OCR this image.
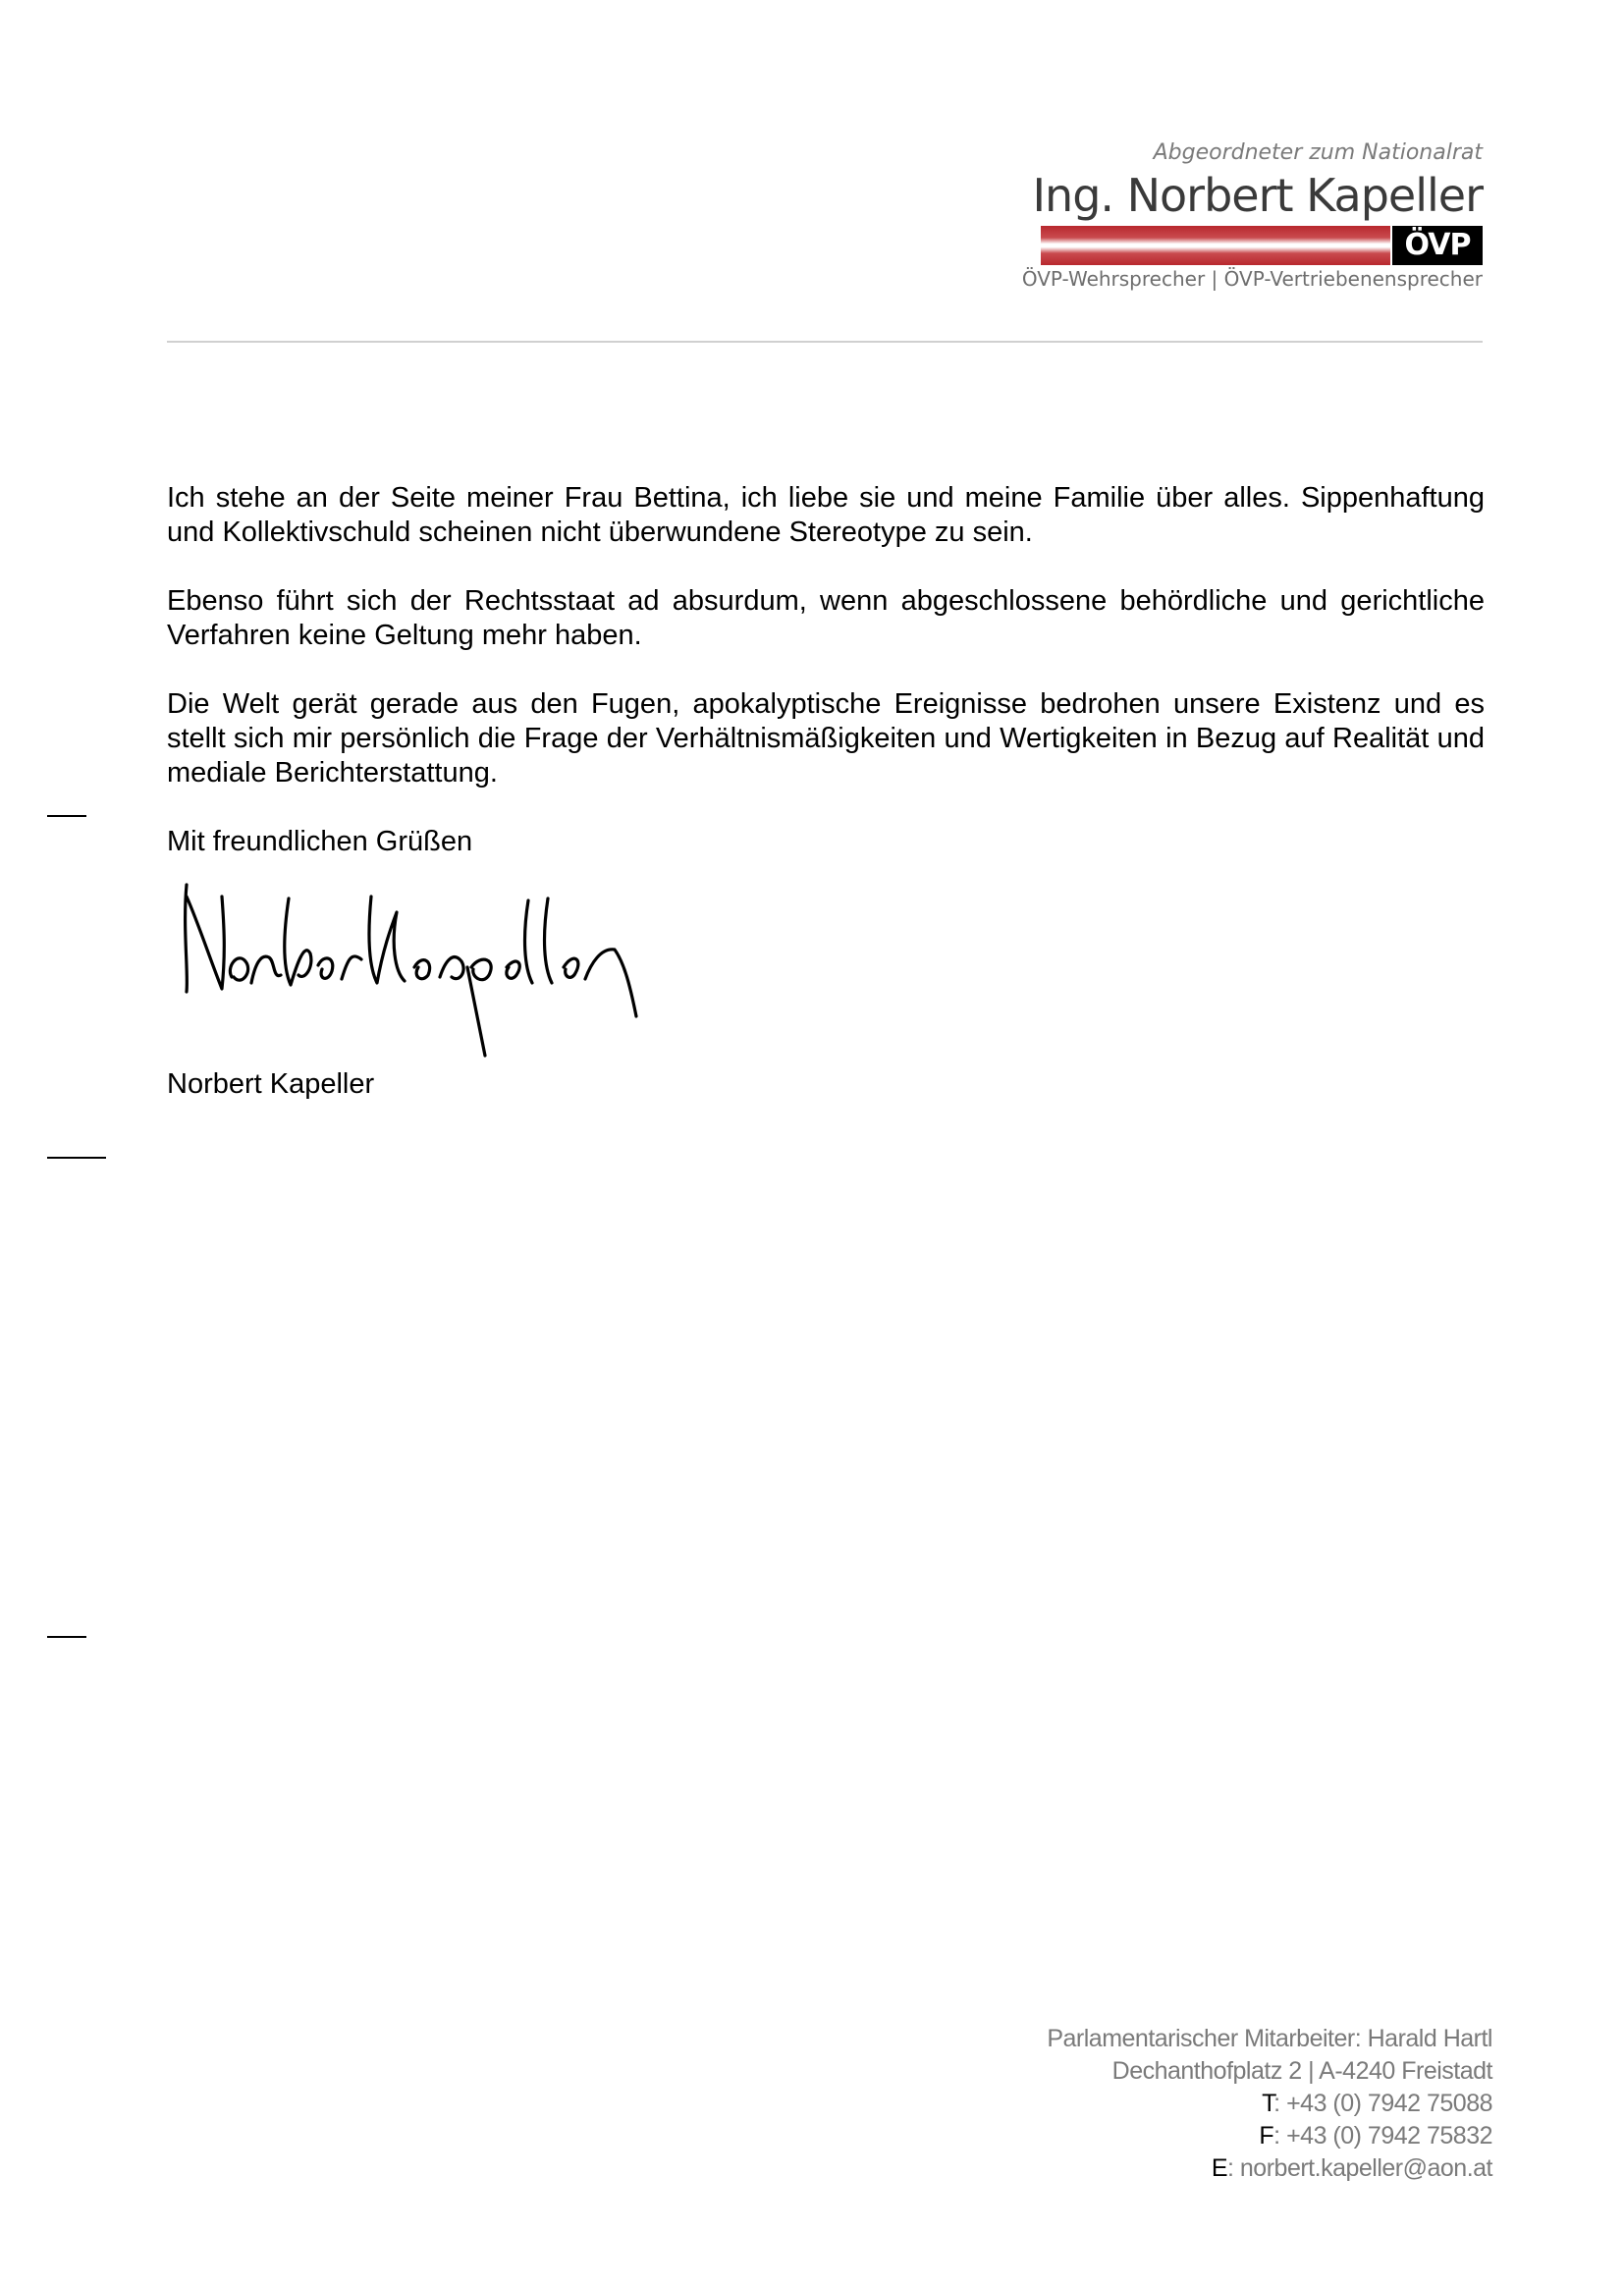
Abgeordneter zum Nationalrat
Ing. Norbert Kapeller
ÖVP
ÖVP-Wehrsprecher | ÖVP-Vertriebenensprecher

Ich stehe an der Seite meiner Frau Bettina, ich liebe sie und meine Familie über alles. Sippenhaftung und Kollektivschuld scheinen nicht überwundene Stereotype zu sein.

Ebenso führt sich der Rechtsstaat ad absurdum, wenn abgeschlossene behördliche und gerichtliche Verfahren keine Geltung mehr haben.

Die Welt gerät gerade aus den Fugen, apokalyptische Ereignisse bedrohen unsere Existenz und es stellt sich mir persönlich die Frage der Verhältnismäßigkeiten und Wertigkeiten in Bezug auf Realität und mediale Berichterstattung.

Mit freundlichen Grüßen

Norbert Kapeller

Parlamentarischer Mitarbeiter: Harald Hartl
Dechanthofplatz 2 | A-4240 Freistadt
T: +43 (0) 7942 75088
F: +43 (0) 7942 75832
E: norbert.kapeller@aon.at
